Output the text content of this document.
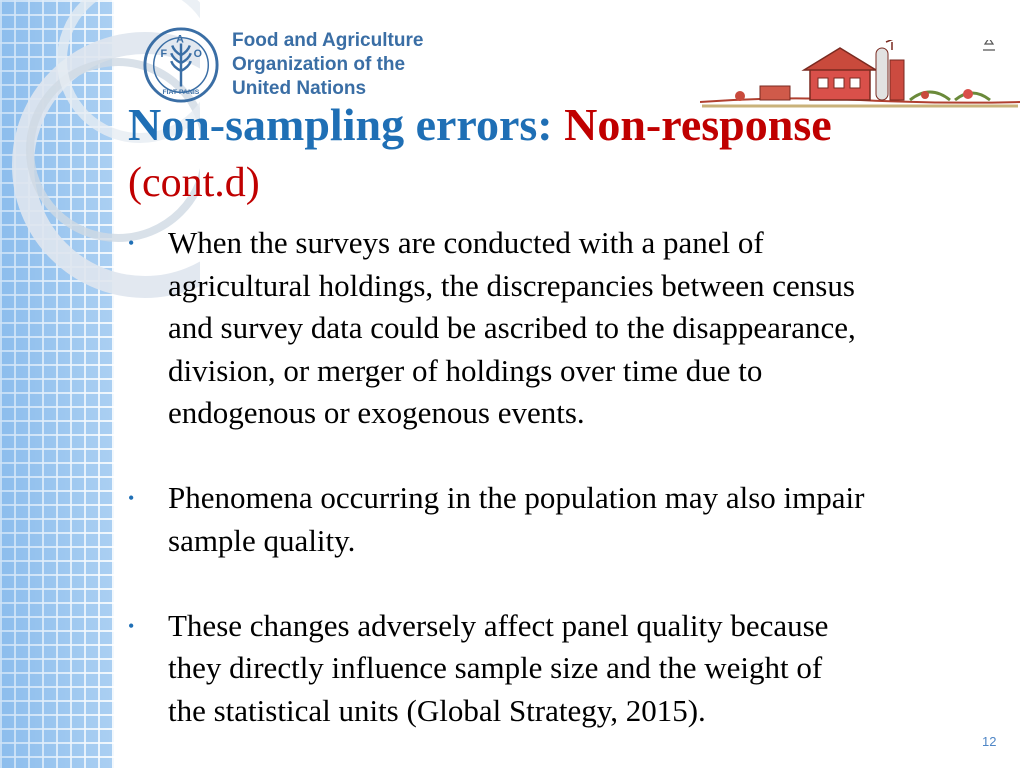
F
A
O
FIAT PANIS
Food and Agriculture
Organization of the
United Nations
Non-sampling errors: Non-response
(cont.d)
• When the surveys are conducted with a panel of
agricultural holdings, the discrepancies between census
and survey data could be ascribed to the disappearance,
division, or merger of holdings over time due to
endogenous or exogenous events.
• Phenomena occurring in the population may also impair
sample quality.
• These changes adversely affect panel quality because
they directly influence sample size and the weight of
the statistical units (Global Strategy, 2015).
12
